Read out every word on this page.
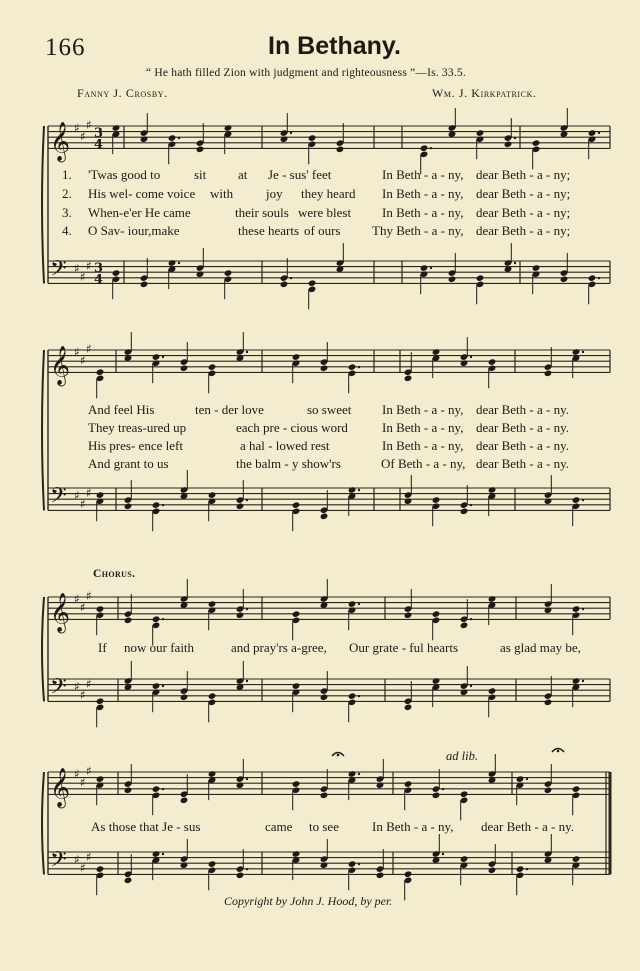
166	In Bethany.
“ He hath filled Zion with judgment and righteousness ”—Is. 33.5.
Fanny J. Crosby.	Wm. J. Kirkpatrick.
𝄞 ♯
♯
♯
3
4
𝄢 ♯
♯
♯ 3
4
1.
2.
3.
4.
'Twas good to	sit at Je - sus' feet	In Beth - a - ny, dear Beth - a - ny;
His wel- come voice with	joy they heard In Beth - a - ny, dear Beth - a - ny;
When-e'er He came	their souls were blest In Beth - a - ny, dear Beth - a - ny;
O Sav- iour,make	these hearts of ours Thy Beth - a - ny, dear Beth - a - ny;
𝄞 ♯
♯
♯
𝄢 ♯
♯
♯
And feel His	ten - der love	so sweet In Beth - a - ny, dear Beth - a - ny.
They treas-ured up	each pre - cious word	In Beth - a - ny, dear Beth - a - ny.
His pres- ence left	a hal - lowed rest	In Beth - a - ny, dear Beth - a - ny.
And grant to us	the balm - y show'rs	Of Beth - a - ny, dear Beth - a - ny.
Chorus.
𝄞 ♯
♯
♯
𝄢 ♯
♯
♯
If now our faith	and pray'rs a-gree, Our grate - ful hearts	as glad may be,
ad lib.
𝄞 ♯
♯
♯
𝄢 ♯
♯
♯
As those that Je - sus	came to see	In Beth - a - ny, dear Beth - a - ny.
Copyright by John J. Hood, by per.
